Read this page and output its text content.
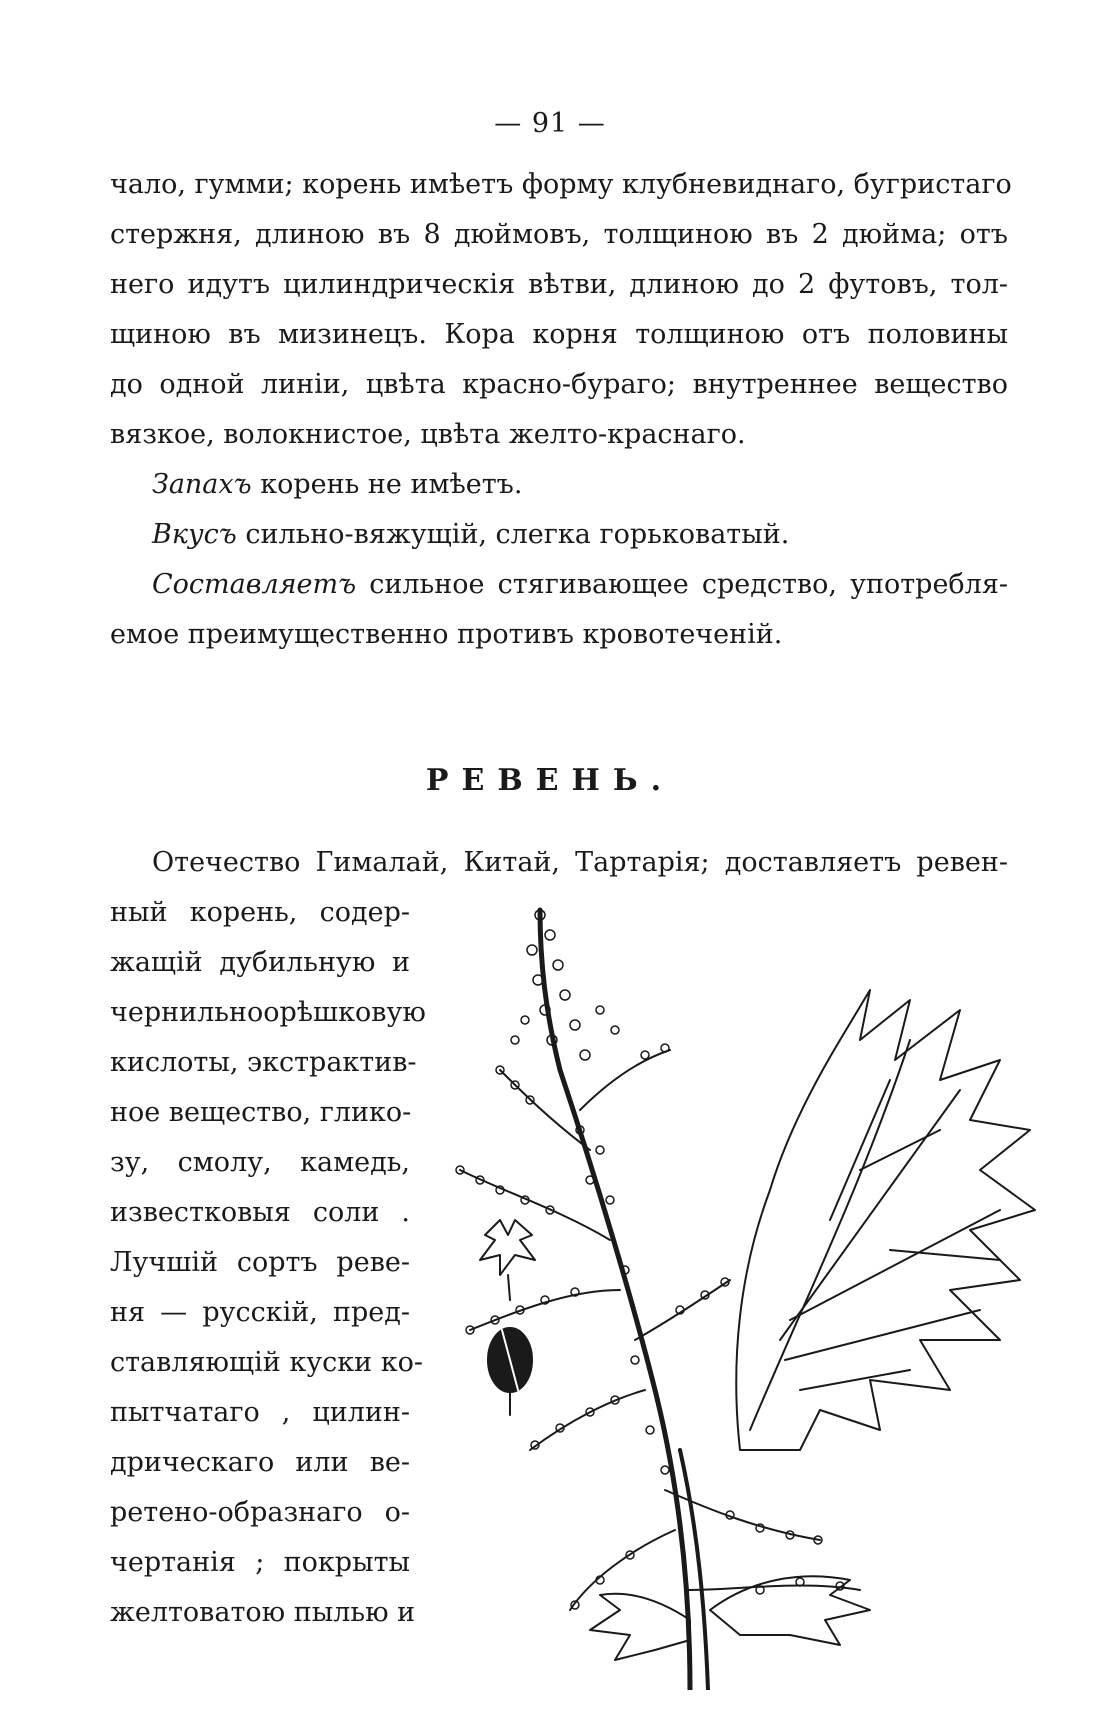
— 91 —
чало, гумми; корень имѣетъ форму клубневиднаго, бугристаго
стержня, длиною въ 8 дюймовъ, толщиною въ 2 дюйма; отъ
него идутъ цилиндрическія вѣтви, длиною до 2 футовъ, тол-
щиною въ мизинецъ. Кора корня толщиною отъ половины
до одной линіи, цвѣта красно-бураго; внутреннее вещество
вязкое, волокнистое, цвѣта желто-краснаго.
Запахъ корень не имѣетъ.
Вкусъ сильно-вяжущій, слегка горьковатый.
Составляетъ сильное стягивающее средство, употребля-
емое преимущественно противъ кровотеченій.
РЕВЕНЬ.
Отечество Гималай, Китай, Тартарія; доставляетъ ревен-
ный корень, содер-
жащій дубильную и
чернильноорѣшковую
кислоты, экстрактив-
ное вещество, глико-
зу, смолу, камедь,
известковыя соли .
Лучшій сортъ реве-
ня — русскій, пред-
ставляющій куски ко-
пытчатаго , цилин-
дрическаго или ве-
ретено-образнаго о-
чертанія ; покрыты
желтоватою пылью и
